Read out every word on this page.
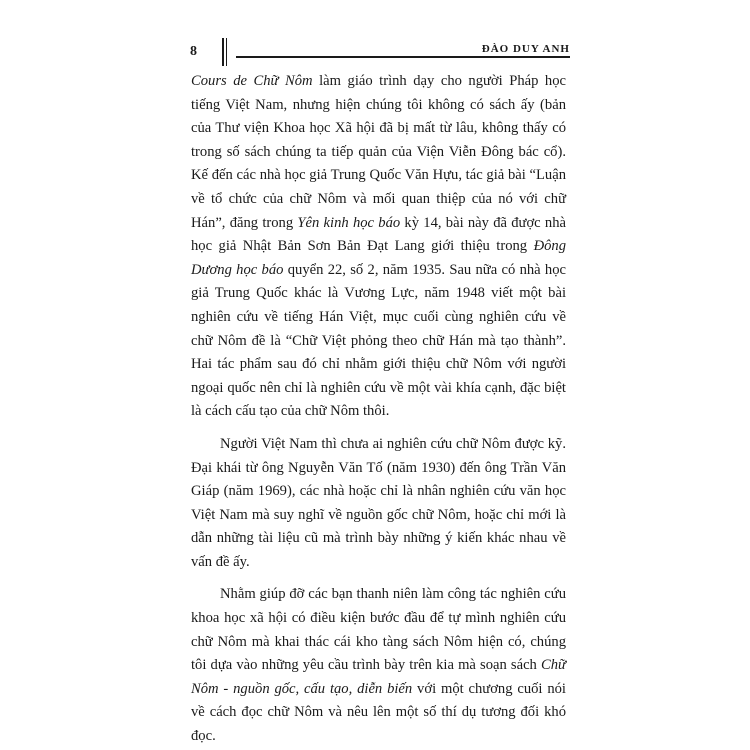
8	ĐÀO DUY ANH

Cours de Chữ Nôm làm giáo trình dạy cho người Pháp học tiếng Việt Nam, nhưng hiện chúng tôi không có sách ấy (bản của Thư viện Khoa học Xã hội đã bị mất từ lâu, không thấy có trong số sách chúng ta tiếp quản của Viện Viễn Đông bác cổ). Kế đến các nhà học giả Trung Quốc Văn Hựu, tác giả bài “Luận về tổ chức của chữ Nôm và mối quan thiệp của nó với chữ Hán”, đăng trong Yên kinh học báo kỳ 14, bài này đã được nhà học giả Nhật Bản Sơn Bản Đạt Lang giới thiệu trong Đông Dương học báo quyển 22, số 2, năm 1935. Sau nữa có nhà học giả Trung Quốc khác là Vương Lực, năm 1948 viết một bài nghiên cứu về tiếng Hán Việt, mục cuối cùng nghiên cứu về chữ Nôm đề là “Chữ Việt phỏng theo chữ Hán mà tạo thành”. Hai tác phẩm sau đó chỉ nhằm giới thiệu chữ Nôm với người ngoại quốc nên chỉ là nghiên cứu về một vài khía cạnh, đặc biệt là cách cấu tạo của chữ Nôm thôi.

Người Việt Nam thì chưa ai nghiên cứu chữ Nôm được kỹ. Đại khái từ ông Nguyễn Văn Tố (năm 1930) đến ông Trần Văn Giáp (năm 1969), các nhà hoặc chỉ là nhân nghiên cứu văn học Việt Nam mà suy nghĩ về nguồn gốc chữ Nôm, hoặc chỉ mới là dẫn những tài liệu cũ mà trình bày những ý kiến khác nhau về vấn đề ấy.

Nhằm giúp đỡ các bạn thanh niên làm công tác nghiên cứu khoa học xã hội có điều kiện bước đầu để tự mình nghiên cứu chữ Nôm mà khai thác cái kho tàng sách Nôm hiện có, chúng tôi dựa vào những yêu cầu trình bày trên kia mà soạn sách Chữ Nôm - nguồn gốc, cấu tạo, diễn biến với một chương cuối nói về cách đọc chữ Nôm và nêu lên một số thí dụ tương đối khó đọc.
